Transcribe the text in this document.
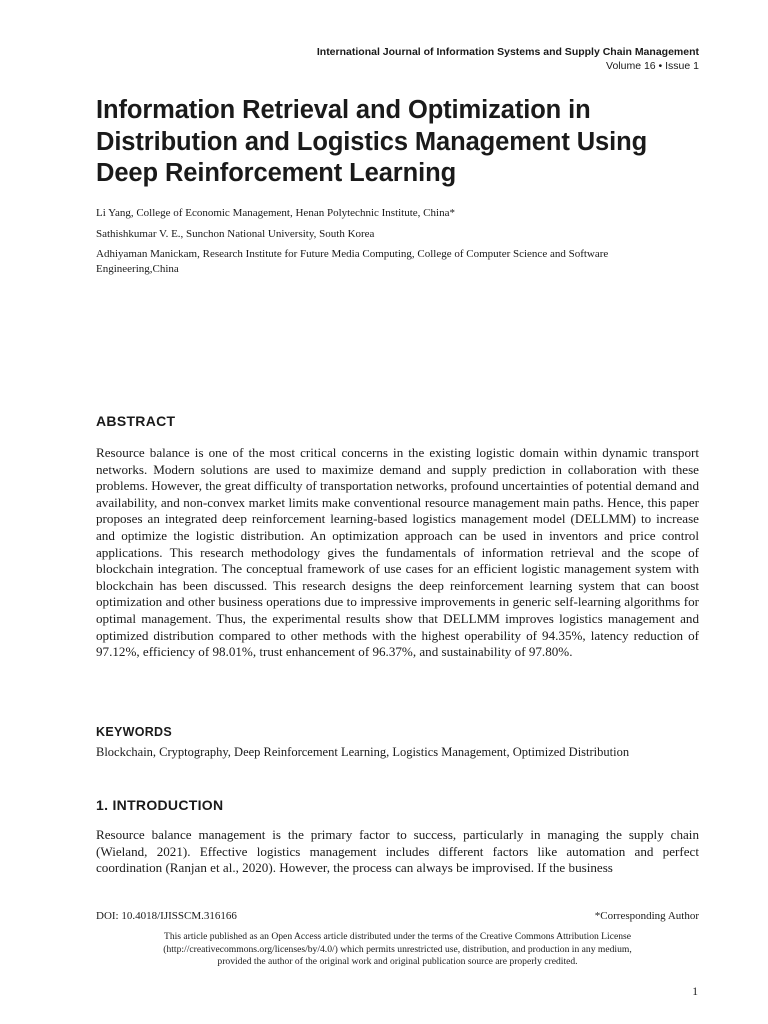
International Journal of Information Systems and Supply Chain Management
Volume 16 • Issue 1
Information Retrieval and Optimization in Distribution and Logistics Management Using Deep Reinforcement Learning
Li Yang, College of Economic Management, Henan Polytechnic Institute, China*
Sathishkumar V. E., Sunchon National University, South Korea
Adhiyaman Manickam, Research Institute for Future Media Computing, College of Computer Science and Software Engineering,China
ABSTRACT
Resource balance is one of the most critical concerns in the existing logistic domain within dynamic transport networks. Modern solutions are used to maximize demand and supply prediction in collaboration with these problems. However, the great difficulty of transportation networks, profound uncertainties of potential demand and availability, and non-convex market limits make conventional resource management main paths. Hence, this paper proposes an integrated deep reinforcement learning-based logistics management model (DELLMM) to increase and optimize the logistic distribution. An optimization approach can be used in inventors and price control applications. This research methodology gives the fundamentals of information retrieval and the scope of blockchain integration. The conceptual framework of use cases for an efficient logistic management system with blockchain has been discussed. This research designs the deep reinforcement learning system that can boost optimization and other business operations due to impressive improvements in generic self-learning algorithms for optimal management. Thus, the experimental results show that DELLMM improves logistics management and optimized distribution compared to other methods with the highest operability of 94.35%, latency reduction of 97.12%, efficiency of 98.01%, trust enhancement of 96.37%, and sustainability of 97.80%.
KEYWORDS
Blockchain, Cryptography, Deep Reinforcement Learning, Logistics Management, Optimized Distribution
1. INTRODUCTION
Resource balance management is the primary factor to success, particularly in managing the supply chain (Wieland, 2021). Effective logistics management includes different factors like automation and perfect coordination (Ranjan et al., 2020). However, the process can always be improvised. If the business
DOI: 10.4018/IJISSCM.316166	*Corresponding Author
This article published as an Open Access article distributed under the terms of the Creative Commons Attribution License
(http://creativecommons.org/licenses/by/4.0/) which permits unrestricted use, distribution, and production in any medium,
provided the author of the original work and original publication source are properly credited.
1
